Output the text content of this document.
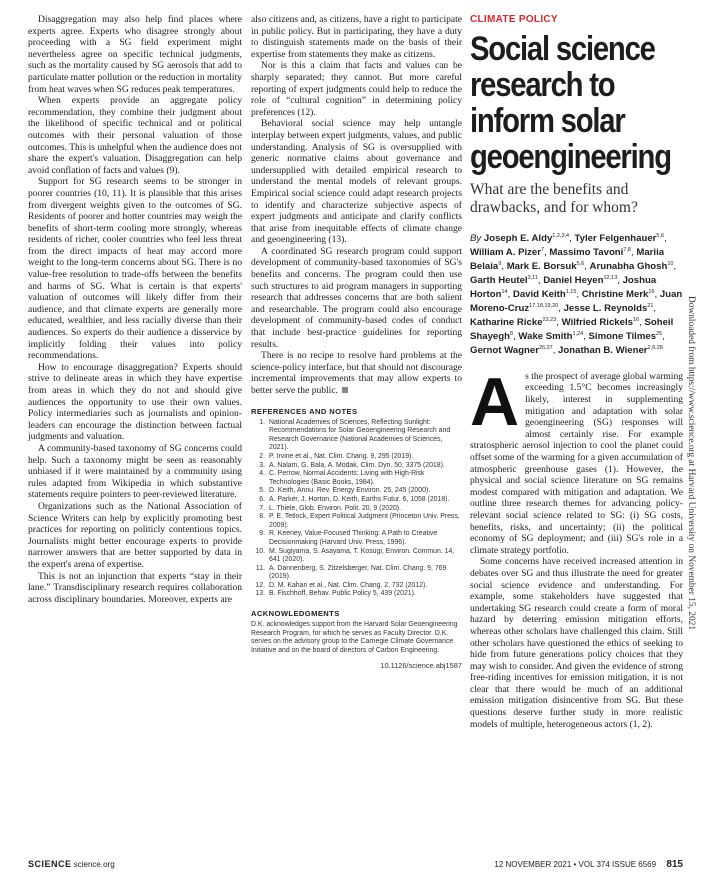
Disaggregation may also help find places where experts agree. Experts who disagree strongly about proceeding with a SG field experiment might nevertheless agree on specific technical judgments, such as the mortality caused by SG aerosols that add to particulate matter pollution or the reduction in mortality from heat waves when SG reduces peak temperatures.

When experts provide an aggregate policy recommendation, they combine their judgment about the likelihood of specific technical and or political outcomes with their personal valuation of those outcomes. This is unhelpful when the audience does not share the expert's valuation. Disaggregation can help avoid conflation of facts and values (9).

Support for SG research seems to be stronger in poorer countries (10, 11). It is plausible that this arises from divergent weights given to the outcomes of SG. Residents of poorer and hotter countries may weigh the benefits of short-term cooling more strongly, whereas residents of richer, cooler countries who feel less threat from the direct impacts of heat may accord more weight to the long-term concerns about SG. There is no value-free resolution to trade-offs between the benefits and harms of SG. What is certain is that experts' valuation of outcomes will likely differ from their audience, and that climate experts are generally more educated, wealthier, and less racially diverse than their audiences. So experts do their audience a disservice by implicitly folding their values into policy recommendations.

How to encourage disaggregation? Experts should strive to delineate areas in which they have expertise from areas in which they do not and should give audiences the opportunity to use their own values. Policy intermediaries such as journalists and opinion-leaders can encourage the distinction between factual judgments and valuation.

A community-based taxonomy of SG concerns could help. Such a taxonomy might be seen as reasonably unbiased if it were maintained by a community using rules adapted from Wikipedia in which substantive statements require pointers to peer-reviewed literature.

Organizations such as the National Association of Science Writers can help by explicitly promoting best practices for reporting on politicly contentious topics. Journalists might better encourage experts to provide narrower answers that are better supported by data in the expert's arena of expertise.

This is not an injunction that experts “stay in their lane.” Transdisciplinary research requires collaboration across disciplinary boundaries. Moreover, experts are

also citizens and, as citizens, have a right to participate in public policy. But in participating, they have a duty to distinguish statements made on the basis of their expertise from statements they make as citizens.

Nor is this a claim that facts and values can be sharply separated; they cannot. But more careful reporting of expert judgments could help to reduce the role of “cultural cognition” in determining policy preferences (12).

Behavioral social science may help untangle interplay between expert judgments, values, and public understanding. Analysis of SG is oversupplied with generic normative claims about governance and undersupplied with detailed empirical research to understand the mental models of relevant groups. Empirical social science could adapt research projects to identify and characterize subjective aspects of expert judgments and anticipate and clarify conflicts that arise from inequitable effects of climate change and geoengineering (13).

A coordinated SG research program could support development of community-based taxonomies of SG's benefits and concerns. The program could then use such structures to aid program managers in supporting research that addresses concerns that are both salient and researchable. The program could also encourage development of community-based codes of conduct that include best-practice guidelines for reporting results.

There is no recipe to resolve hard problems at the science-policy interface, but that should not discourage incremental improvements that may allow experts to better serve the public.

REFERENCES AND NOTES
1. National Academies of Sciences, Reflecting Sunlight: Recommendations for Solar Geoengineering Research and Research Governance (National Academies of Sciences, 2021).
2. P. Irvine et al., Nat. Clim. Chang. 9, 295 (2019).
3. A. Nalam, G. Bala, A. Modak, Clim. Dyn. 50, 3375 (2018).
4. C. Perrow, Normal Accidents: Living with High-Risk Technologies (Basic Books, 1984).
5. D. Keith, Annu. Rev. Energy Environ. 25, 245 (2000).
6. A. Parker, J. Horton, D. Keith, Earths Futur. 6, 1058 (2018).
7. L. Thiele, Glob. Environ. Polit. 20, 9 (2020).
8. P. E. Tetlock, Expert Political Judgment (Princeton Univ. Press, 2009).
9. R. Keeney, Value-Focused Thinking: A Path to Creative Decisionmaking (Harvard Univ. Press, 1996).
10. M. Sugiyama, S. Asayama, T. Kosugi, Environ. Commun. 14, 641 (2020).
11. A. Dannenberg, S. Zitzelsberger, Nat. Clim. Chang. 9, 769 (2019).
12. D. M. Kahan et al., Nat. Clim. Chang. 2, 732 (2012).
13. B. Fischhoff, Behav. Public Policy 5, 439 (2021).
ACKNOWLEDGMENTS

D.K. acknowledges support from the Harvard Solar Geoengineering Research Program, for which he serves as Faculty Director. D.K. serves on the advisory group to the Carnegie Climate Governance Initiative and on the board of directors of Carbon Engineering.

10.1126/science.abj1587
CLIMATE POLICY
Social science research to inform solar geoengineering
What are the benefits and drawbacks, and for whom?

By Joseph E. Aldy$^{1,2,3,4}$, Tyler Felgenhauer$^{5,6}$, William A. Pizer$^7$, Massimo Tavoni$^{7,8}$, Mariia Belaia$^9$, Mark E. Borsuk$^{5,6}$, Arunabha Ghosh$^{10}$, Garth Heutel$^{3,11}$, Daniel Heyen$^{12,13}$, Joshua Horton$^{14}$, David Keith$^{1,15}$, Christine Merk$^{16}$, Juan Moreno-Cruz$^{17,18,19,20}$, Jesse L. Reynolds$^{21}$, Katharine Ricke$^{22,23}$, Wilfried Rickels$^{16}$, Soheil Shayegh$^8$, Wake Smith$^{1,24}$, Simone Tilmes$^{25}$, Gernot Wagner$^{26,27}$, Jonathan B. Wiener$^{2,6,28}$

A s the prospect of average global warming exceeding 1.5°C becomes increasingly likely, interest in supplementing mitigation and adaptation with solar geoengineering (SG) responses will almost certainly rise. For example stratospheric aerosol injection to cool the planet could offset some of the warming for a given accumulation of atmospheric greenhouse gases (1). However, the physical and social science literature on SG remains modest compared with mitigation and adaptation. We outline three research themes for advancing policy-relevant social science related to SG: (i) SG costs, benefits, risks, and uncertainty; (ii) the political economy of SG deployment; and (iii) SG's role in a climate strategy portfolio.

Some concerns have received increased attention in debates over SG and thus illustrate the need for greater social science evidence and understanding. For example, some stakeholders have suggested that undertaking SG research could create a form of moral hazard by deterring emission mitigation efforts, whereas other scholars have challenged this claim. Still other scholars have questioned the ethics of seeking to hide from future generations policy choices that they may wish to consider. And given the evidence of strong free-riding incentives for emission mitigation, it is not clear that there would be much of an additional emission mitigation disincentive from SG. But these questions deserve further study in more realistic models of multiple, heterogeneous actors (1, 2).

Downloaded from https://www.science.org at Harvard University on November 15, 2021
SCIENCE science.org	12 NOVEMBER 2021 • VOL 374 ISSUE 6569 815
